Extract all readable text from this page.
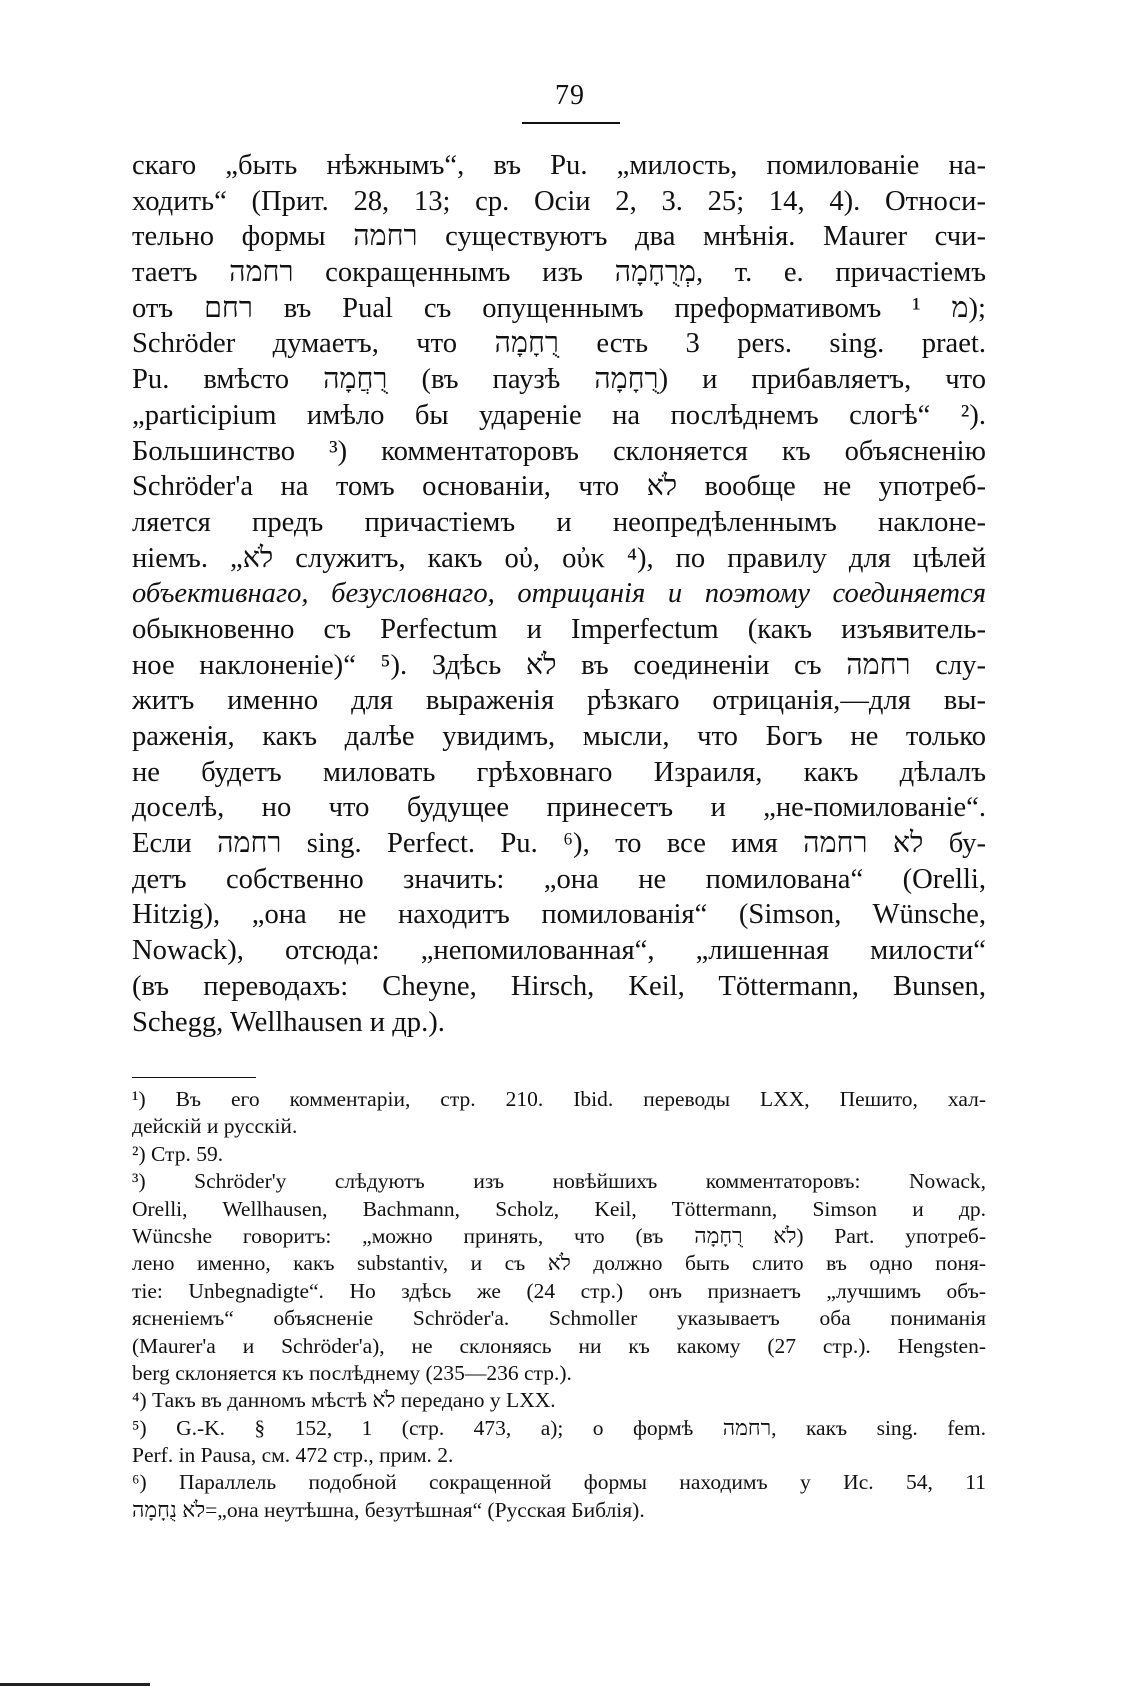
79
скаго „быть нѣжнымъ“, въ Pu. „милость, помилованіе на-
ходить“ (Прит. 28, 13; ср. Осіи 2, 3. 25; 14, 4). Относи-
тельно формы רחמה существуютъ два мнѣнія. Maurer счи-
таетъ רחמה сокращеннымъ изъ מְרֻחָמָה, т. е. причастіемъ
отъ רחם въ Pual съ опущеннымъ преформативомъ מ ¹);
Schröder думаетъ, что רֻחָמָה есть 3 pers. sing. praet.
Pu. вмѣсто רֻחֲמָה (въ паузѣ רֻחָמָה) и прибавляетъ, что
„participium имѣло бы удареніе на послѣднемъ слогѣ“ ²).
Большинство ³) комментаторовъ склоняется къ объясненію
Schröder'а на томъ основаніи, что לֹא вообще не употреб-
ляется предъ причастіемъ и неопредѣленнымъ наклоне-
ніемъ. „לֹא служитъ, какъ οὐ, οὐκ ⁴), по правилу для цѣлей
объективнаго, безусловнаго, отрицанія и поэтому соединяется
обыкновенно съ Perfectum и Imperfectum (какъ изъявитель-
ное наклоненіе)“ ⁵). Здѣсь לֹא въ соединеніи съ רחמה слу-
житъ именно для выраженія рѣзкаго отрицанія,—для вы-
раженія, какъ далѣе увидимъ, мысли, что Богъ не только
не будетъ миловать грѣховнаго Израиля, какъ дѣлалъ
доселѣ, но что будущее принесетъ и „не-помилованіе“.
Если רחמה sing. Perfect. Pu. ⁶), то все имя לא רחמה бу-
детъ собственно значить: „она не помилована“ (Orelli,
Hitzig), „она не находитъ помилованія“ (Simson, Wünsche,
Nowack), отсюда: „непомилованная“, „лишенная милости“
(въ переводахъ: Cheyne, Hirsch, Keil, Töttermann, Bunsen,
Schegg, Wellhausen и др.).
¹) Въ его комментаріи, стр. 210. Ibid. переводы LXX, Пешито, хал-
дейскій и русскій.
²) Стр. 59.
³) Schröder'у слѣдуютъ изъ новѣйшихъ комментаторовъ: Nowack,
Orelli, Wellhausen, Bachmann, Scholz, Keil, Töttermann, Simson и др.
Wüncshe говоритъ: „можно принять, что (въ לֹא רֻחָמָה) Part. употреб-
лено именно, какъ substantiv, и съ לֹא должно быть слито въ одно поня-
тіе: Unbegnadigte“. Но здѣсь же (24 стр.) онъ признаетъ „лучшимъ объ-
ясненіемъ“ объясненіе Schröder'а. Schmoller указываетъ оба пониманія
(Maurer'а и Schröder'а), не склоняясь ни къ какому (27 стр.). Hengsten-
berg склоняется къ послѣднему (235—236 стр.).
⁴) Такъ въ данномъ мѣстѣ לֹא передано у LXX.
⁵) G.-K. § 152, 1 (стр. 473, а); о формѣ רחמה, какъ sing. fem.
Perf. in Pausa, см. 472 стр., прим. 2.
⁶) Параллель подобной сокращенной формы находимъ у Ис. 54, 11
לֹא נֻחָמָה=„она неутѣшна, безутѣшная“ (Русская Библія).
